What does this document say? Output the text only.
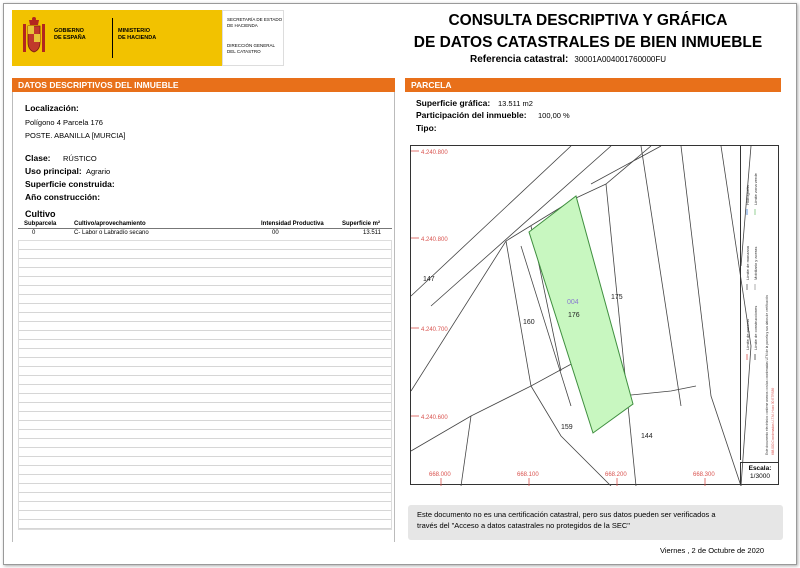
GOBIERNO
DE ESPAÑA
MINISTERIO
DE HACIENDA
SECRETARÍA DE ESTADO
DE HACIENDA
DIRECCIÓN GENERAL
DEL CATASTRO
CONSULTA DESCRIPTIVA Y GRÁFICA
DE DATOS CATASTRALES DE BIEN INMUEBLE
Referencia catastral: 30001A004001760000FU
DATOS DESCRIPTIVOS DEL INMUEBLE	PARCELA
Localización:
Polígono 4 Parcela 176
POSTE. ABANILLA [MURCIA]
Clase: RÚSTICO
Uso principal: Agrario
Superficie construida:
Año construcción:
Cultivo
Subparcela	Cultivo/aprovechamiento	Intensidad Productiva	Superficie m²
0	C- Labor o Labradío secano	00	13.511
Superficie gráfica: 13.511 m2
Participación del inmueble: 100,00 %
Tipo:
4.240.800
4.240.800
4.240.700
4.240.600
668.000	668.100	668.200	668.300
147
160
004
176
175
159
144
Hidrografía Límite zona verde
Límite de manzana Mobiliario y aceras
Límite de parcela Límite de construcciones Este documento electrónico contiene anexos con las coordenadas UTM de la parcela y sus datos de certificación 668.000 Coordenadas U.T.M. Huso 30 ETRS89
Escala:
1/3000
Este documento no es una certificación catastral, pero sus datos pueden ser verificados a
través del "Acceso a datos catastrales no protegidos de la SEC"
Viernes , 2 de Octubre de 2020
